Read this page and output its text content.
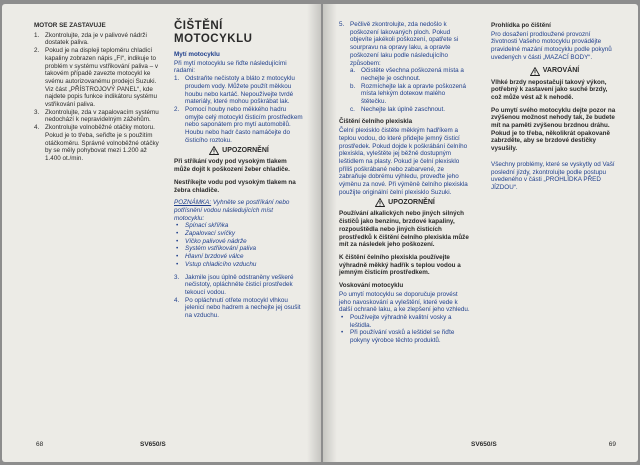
MOTOR SE ZASTAVUJE

1. Zkontrolujte, zda je v palivové nádrži dostatek paliva.
2. Pokud je na displeji teploměru chladicí kapaliny zobrazen nápis „FI“, indikuje to problém v systému vstřikování paliva – v takovém případě zavezte motocykl ke svému autorizovanému prodejci Suzuki. Viz část „PŘÍSTROJOVÝ PANEL“, kde najdete popis funkce indikátoru systému vstřikování paliva.
3. Zkontrolujte, zda v zapalovacím systému nedochází k nepravidelným zážehům.
4. Zkontrolujte volnoběžné otáčky motoru. Pokud je to třeba, seřiďte je s použitím otáčkoměru. Správné volnoběžné otáčky by se měly pohybovat mezi 1.200 až 1.400 ot./min.

ČIŠTĚNÍ MOTOCYKLU

Mytí motocyklu

Při mytí motocyklu se řiďte následujícími radami:

1. Odstraňte nečistoty a bláto z motocyklu proudem vody. Můžete použít měkkou houbu nebo kartáč. Nepoužívejte tvrdé materiály, které mohou poškrábat lak.
2. Pomocí houby nebo měkkého hadru omyjte celý motocykl čisticím prostředkem nebo saponátem pro mytí automobilů. Houbu nebo hadr často namáčejte do čisticího roztoku.
UPOZORNĚNÍ

Při stříkání vody pod vysokým tlakem může dojít k poškození žeber chladiče.

Nestříkejte vodu pod vysokým tlakem na žebra chladiče.

POZNÁMKA: Vyhněte se postříkání nebo potřísnění vodou následujících míst motocyklu:

• Spínací skříňka
• Zapalovací svíčky
• Víčko palivové nádrže
• Systém vstřikování paliva
• Hlavní brzdové válce
• Vstup chladicího vzduchu
3. Jakmile jsou úplně odstraněny veškeré nečistoty, opláchněte čisticí prostředek tekoucí vodou.
4. Po opláchnutí otřete motocykl vlhkou jelenicí nebo hadrem a nechejte jej osušit na vzduchu.
68	SV650/S
5. Pečlivě zkontrolujte, zda nedošlo k poškození lakovaných ploch. Pokud objevíte jakékoli poškození, opatřete si sourpravu na opravy laku, a opravte poškození laku podle následujícího způsobem:
a. Očistěte všechna poškozená místa a nechejte je oschnout.
b. Rozmíchejte lak a opravte poškozená místa lehkým doteком malého štětečku.
c. Nechejte lak úplně zaschnout.

Čištění čelního plexiskla

Čelní plexisklo čistěte měkkým hadříkem a teplou vodou, do které přidejte jemný čisticí prostředek. Pokud dojde k poškrábání čelního plexiskla, vyleštěte jej běžně dostupným leštidlem na plasty. Pokud je čelní plexisklo příliš poškrábané nebo zabarvené, ze zabraňuje dobrému výhledu, proveďte jeho výměnu za nové. Při výměně čelního plexiskla použijte originální čelní plexisklo Suzuki.

UPOZORNĚNÍ

Používání alkalických nebo jiných silných čističů jako benzínu, brzdové kapaliny, rozpouštědla nebo jiných čisticích prostředků k čištění čelního plexiskla může mít za následek jeho poškození.

K čištění čelního plexiskla používejte výhradně měkký hadřík s teplou vodou a jemným čisticím prostředkem.

Voskování motocyklu

Po umytí motocyklu se doporučuje provést jeho navoskování a vyleštění, které vede k další ochraně laku, a ke zlepšení jeho vzhledu.

• Používejte výhradně kvalitní vosky a leštidla.
• Při používání vosků a leštidel se řiďte pokyny výrobce těchto produktů.

Prohlídka po čištění

Pro dosažení prodloužené provozní životnosti Vašeho motocyklu provádějte pravidelné mazání motocyklu podle pokynů uvedených v části „MAZACÍ BODY“.

VAROVÁNÍ

Vlhké brzdy nepostačují takový výkon, potřebný k zastavení jako suché brzdy, což může vést až k nehodě.

Po umytí svého motocyklu dejte pozor na zvýšenou možnost nehody tak, že budete mít na paměti zvýšenou brzdnou dráhu. Pokud je to třeba, několikrát opakovaně zabrzděte, aby se brzdové destičky vysušily.

Všechny problémy, které se vyskytly od Vaší poslední jízdy, zkontrolujte podle postupu uvedeného v části „PROHLÍDKA PŘED JÍZDOU“.

SV650/S	69
